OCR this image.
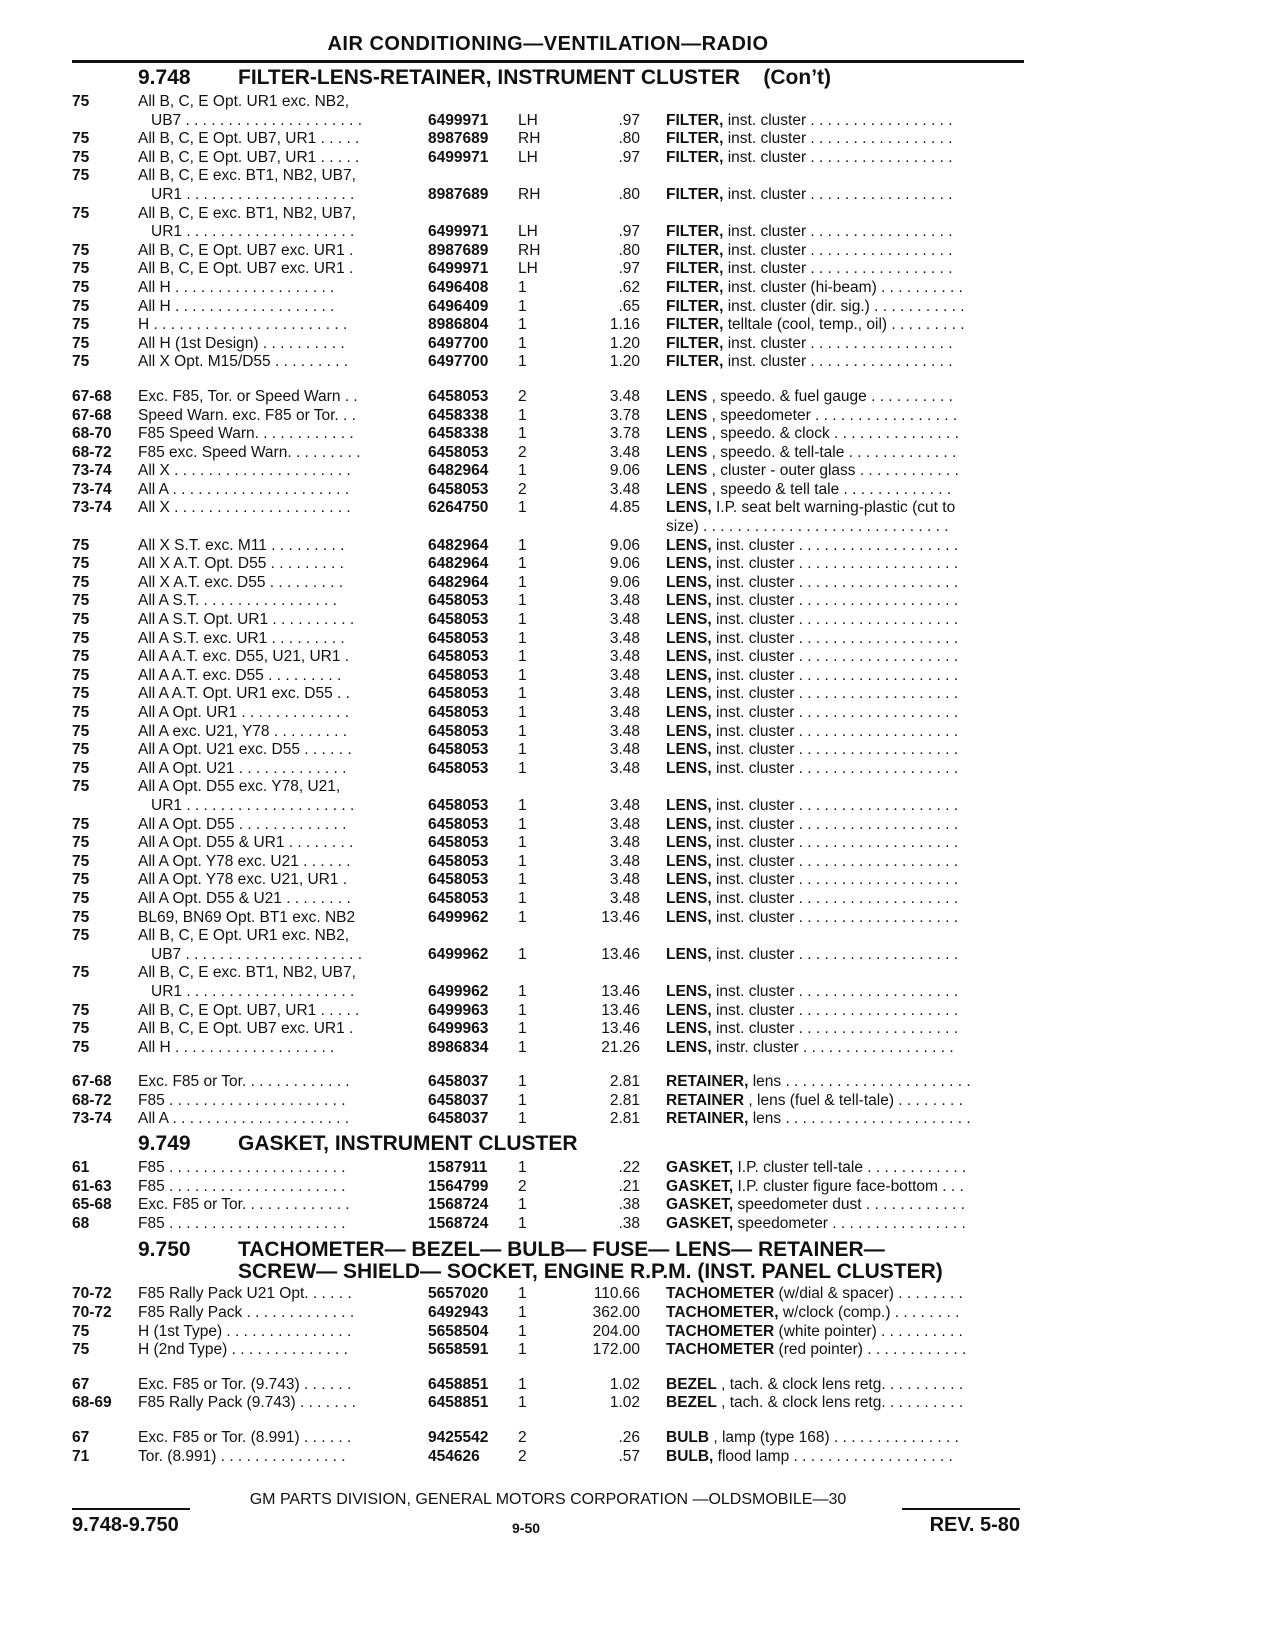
AIR CONDITIONING—VENTILATION—RADIO
9.748 FILTER-LENS-RETAINER, INSTRUMENT CLUSTER (Con’t)
75	All B, C, E Opt. UR1 exc. NB2,
UB7 . . . . . . . . . . . . . . . . . . . . .	6499971	LH	.97 FILTER, inst. cluster . . . . . . . . . . . . . . . . .
75	All B, C, E Opt. UB7, UR1 . . . . .	8987689	RH	.80 FILTER, inst. cluster . . . . . . . . . . . . . . . . .
75	All B, C, E Opt. UB7, UR1 . . . . .	6499971	LH	.97 FILTER, inst. cluster . . . . . . . . . . . . . . . . .
75	All B, C, E exc. BT1, NB2, UB7,
UR1 . . . . . . . . . . . . . . . . . . . .	8987689	RH	.80 FILTER, inst. cluster . . . . . . . . . . . . . . . . .
75	All B, C, E exc. BT1, NB2, UB7,
UR1 . . . . . . . . . . . . . . . . . . . .	6499971	LH	.97 FILTER, inst. cluster . . . . . . . . . . . . . . . . .
75	All B, C, E Opt. UB7 exc. UR1 .	8987689	RH	.80 FILTER, inst. cluster . . . . . . . . . . . . . . . . .
75	All B, C, E Opt. UB7 exc. UR1 .	6499971	LH	.97 FILTER, inst. cluster . . . . . . . . . . . . . . . . .
75	All H . . . . . . . . . . . . . . . . . . .	6496408	1	.62 FILTER, inst. cluster (hi-beam) . . . . . . . . . .
75	All H . . . . . . . . . . . . . . . . . . .	6496409	1	.65 FILTER, inst. cluster (dir. sig.) . . . . . . . . . . .
75	H . . . . . . . . . . . . . . . . . . . . . . .	8986804	1	1.16 FILTER, telltale (cool, temp., oil) . . . . . . . . .
75	All H (1st Design) . . . . . . . . . .	6497700	1	1.20 FILTER, inst. cluster . . . . . . . . . . . . . . . . .
75	All X Opt. M15/D55 . . . . . . . . .	6497700	1	1.20 FILTER, inst. cluster . . . . . . . . . . . . . . . . .
67-68	Exc. F85, Tor. or Speed Warn . .	6458053	2	3.48 LENS , speedo. & fuel gauge . . . . . . . . . .
67-68	Speed Warn. exc. F85 or Tor. . .	6458338	1	3.78 LENS , speedometer . . . . . . . . . . . . . . . . .
68-70	F85 Speed Warn. . . . . . . . . . . .	6458338	1	3.78 LENS , speedo. & clock . . . . . . . . . . . . . . .
68-72	F85 exc. Speed Warn. . . . . . . . .	6458053	2	3.48 LENS , speedo. & tell-tale . . . . . . . . . . . . .
73-74	All X . . . . . . . . . . . . . . . . . . . . .	6482964	1	9.06 LENS , cluster - outer glass . . . . . . . . . . . .
73-74	All A . . . . . . . . . . . . . . . . . . . . .	6458053	2	3.48 LENS , speedo & tell tale . . . . . . . . . . . . .
73-74	All X . . . . . . . . . . . . . . . . . . . . .	6264750	1	4.85 LENS, I.P. seat belt warning-plastic (cut to
size) . . . . . . . . . . . . . . . . . . . . . . . . . . . . .
75	All X S.T. exc. M11 . . . . . . . . .	6482964	1	9.06 LENS, inst. cluster . . . . . . . . . . . . . . . . . . .
75	All X A.T. Opt. D55 . . . . . . . . .	6482964	1	9.06 LENS, inst. cluster . . . . . . . . . . . . . . . . . . .
75	All X A.T. exc. D55 . . . . . . . . .	6482964	1	9.06 LENS, inst. cluster . . . . . . . . . . . . . . . . . . .
75	All A S.T. . . . . . . . . . . . . . . . .	6458053	1	3.48 LENS, inst. cluster . . . . . . . . . . . . . . . . . . .
75	All A S.T. Opt. UR1 . . . . . . . . . .	6458053	1	3.48 LENS, inst. cluster . . . . . . . . . . . . . . . . . . .
75	All A S.T. exc. UR1 . . . . . . . . .	6458053	1	3.48 LENS, inst. cluster . . . . . . . . . . . . . . . . . . .
75	All A A.T. exc. D55, U21, UR1 .	6458053	1	3.48 LENS, inst. cluster . . . . . . . . . . . . . . . . . . .
75	All A A.T. exc. D55 . . . . . . . . .	6458053	1	3.48 LENS, inst. cluster . . . . . . . . . . . . . . . . . . .
75	All A A.T. Opt. UR1 exc. D55 . .	6458053	1	3.48 LENS, inst. cluster . . . . . . . . . . . . . . . . . . .
75	All A Opt. UR1 . . . . . . . . . . . . .	6458053	1	3.48 LENS, inst. cluster . . . . . . . . . . . . . . . . . . .
75	All A exc. U21, Y78 . . . . . . . . .	6458053	1	3.48 LENS, inst. cluster . . . . . . . . . . . . . . . . . . .
75	All A Opt. U21 exc. D55 . . . . . .	6458053	1	3.48 LENS, inst. cluster . . . . . . . . . . . . . . . . . . .
75	All A Opt. U21 . . . . . . . . . . . . .	6458053	1	3.48 LENS, inst. cluster . . . . . . . . . . . . . . . . . . .
75	All A Opt. D55 exc. Y78, U21,
UR1 . . . . . . . . . . . . . . . . . . . .	6458053	1	3.48 LENS, inst. cluster . . . . . . . . . . . . . . . . . . .
75	All A Opt. D55 . . . . . . . . . . . . .	6458053	1	3.48 LENS, inst. cluster . . . . . . . . . . . . . . . . . . .
75	All A Opt. D55 & UR1 . . . . . . . .	6458053	1	3.48 LENS, inst. cluster . . . . . . . . . . . . . . . . . . .
75	All A Opt. Y78 exc. U21 . . . . . .	6458053	1	3.48 LENS, inst. cluster . . . . . . . . . . . . . . . . . . .
75	All A Opt. Y78 exc. U21, UR1 .	6458053	1	3.48 LENS, inst. cluster . . . . . . . . . . . . . . . . . . .
75	All A Opt. D55 & U21 . . . . . . . .	6458053	1	3.48 LENS, inst. cluster . . . . . . . . . . . . . . . . . . .
75	BL69, BN69 Opt. BT1 exc. NB2	6499962	1	13.46 LENS, inst. cluster . . . . . . . . . . . . . . . . . . .
75	All B, C, E Opt. UR1 exc. NB2,
UB7 . . . . . . . . . . . . . . . . . . . . .	6499962	1	13.46 LENS, inst. cluster . . . . . . . . . . . . . . . . . . .
75	All B, C, E exc. BT1, NB2, UB7,
UR1 . . . . . . . . . . . . . . . . . . . .	6499962	1	13.46 LENS, inst. cluster . . . . . . . . . . . . . . . . . . .
75	All B, C, E Opt. UB7, UR1 . . . . .	6499963	1	13.46 LENS, inst. cluster . . . . . . . . . . . . . . . . . . .
75	All B, C, E Opt. UB7 exc. UR1 .	6499963	1	13.46 LENS, inst. cluster . . . . . . . . . . . . . . . . . . .
75	All H . . . . . . . . . . . . . . . . . . .	8986834	1	21.26 LENS, instr. cluster . . . . . . . . . . . . . . . . . .
67-68	Exc. F85 or Tor. . . . . . . . . . . . .	6458037	1	2.81 RETAINER, lens . . . . . . . . . . . . . . . . . . . . . .
68-72	F85 . . . . . . . . . . . . . . . . . . . . .	6458037	1	2.81 RETAINER , lens (fuel & tell-tale) . . . . . . . .
73-74	All A . . . . . . . . . . . . . . . . . . . . .	6458037	1	2.81 RETAINER, lens . . . . . . . . . . . . . . . . . . . . . .
9.749 GASKET, INSTRUMENT CLUSTER
61	F85 . . . . . . . . . . . . . . . . . . . . .	1587911	1	.22 GASKET, I.P. cluster tell-tale . . . . . . . . . . . .
61-63	F85 . . . . . . . . . . . . . . . . . . . . .	1564799	2	.21 GASKET, I.P. cluster figure face-bottom . . .
65-68	Exc. F85 or Tor. . . . . . . . . . . . .	1568724	1	.38 GASKET, speedometer dust . . . . . . . . . . . .
68	F85 . . . . . . . . . . . . . . . . . . . . .	1568724	1	.38 GASKET, speedometer . . . . . . . . . . . . . . . .
9.750 TACHOMETER— BEZEL— BULB— FUSE— LENS— RETAINER—
SCREW— SHIELD— SOCKET, ENGINE R.P.M. (INST. PANEL CLUSTER)
70-72	F85 Rally Pack U21 Opt. . . . . .	5657020	1	110.66 TACHOMETER (w/dial & spacer) . . . . . . . .
70-72	F85 Rally Pack . . . . . . . . . . . . .	6492943	1	362.00 TACHOMETER, w/clock (comp.) . . . . . . . .
75	H (1st Type) . . . . . . . . . . . . . . .	5658504	1	204.00 TACHOMETER (white pointer) . . . . . . . . . .
75	H (2nd Type) . . . . . . . . . . . . . .	5658591	1	172.00 TACHOMETER (red pointer) . . . . . . . . . . . .
67	Exc. F85 or Tor. (9.743) . . . . . .	6458851	1	1.02 BEZEL , tach. & clock lens retg. . . . . . . . . .
68-69	F85 Rally Pack (9.743) . . . . . . .	6458851	1	1.02 BEZEL , tach. & clock lens retg. . . . . . . . . .
67	Exc. F85 or Tor. (8.991) . . . . . .	9425542	2	.26 BULB , lamp (type 168) . . . . . . . . . . . . . . .
71	Tor. (8.991) . . . . . . . . . . . . . . .	454626	2	.57 BULB, flood lamp . . . . . . . . . . . . . . . . . . .
GM PARTS DIVISION, GENERAL MOTORS CORPORATION —OLDSMOBILE—30
9.748-9.750	9-50	REV. 5-80
